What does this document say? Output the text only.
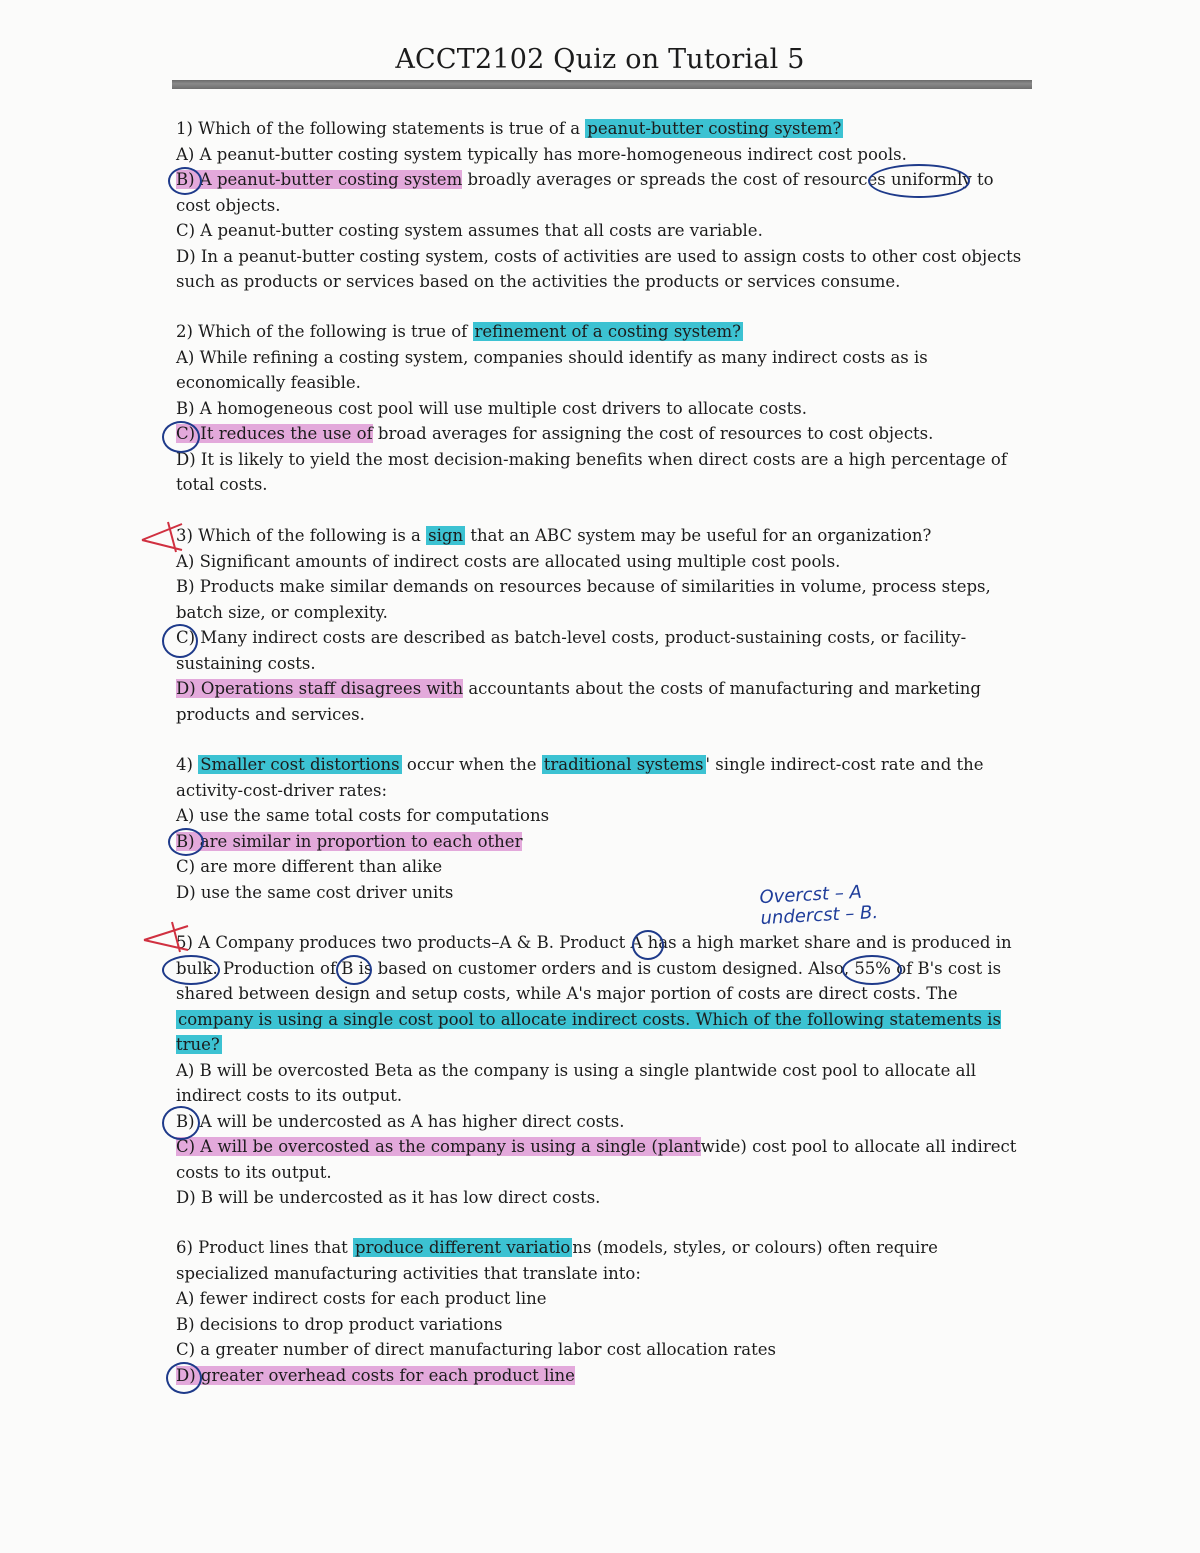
ACCT2102 Quiz on Tutorial 5

1) Which of the following statements is true of a peanut-butter costing system?

A) A peanut-butter costing system typically has more-homogeneous indirect cost pools.

B) A peanut-butter costing system broadly averages or spreads the cost of resources uniformly to cost objects.

C) A peanut-butter costing system assumes that all costs are variable.

D) In a peanut-butter costing system, costs of activities are used to assign costs to other cost objects such as products or services based on the activities the products or services consume.

2) Which of the following is true of refinement of a costing system?

A) While refining a costing system, companies should identify as many indirect costs as is economically feasible.

B) A homogeneous cost pool will use multiple cost drivers to allocate costs.

C) It reduces the use of broad averages for assigning the cost of resources to cost objects.

D) It is likely to yield the most decision-making benefits when direct costs are a high percentage of total costs.

3) Which of the following is a sign that an ABC system may be useful for an organization?

A) Significant amounts of indirect costs are allocated using multiple cost pools.

B) Products make similar demands on resources because of similarities in volume, process steps, batch size, or complexity.

C) Many indirect costs are described as batch-level costs, product-sustaining costs, or facility-sustaining costs.

D) Operations staff disagrees with accountants about the costs of manufacturing and marketing products and services.

4) Smaller cost distortions occur when the traditional systems ' single indirect-cost rate and the activity-cost-driver rates:

A) use the same total costs for computations

B) are similar in proportion to each other

C) are more different than alike

D) use the same cost driver units	Overcst – A
undercst – B.

5) A Company produces two products–A & B. Product A has a high market share and is produced in bulk. Production of B is based on customer orders and is custom designed. Also, 55% of B's cost is shared between design and setup costs, while A's major portion of costs are direct costs. The company is using a single cost pool to allocate indirect costs. Which of the following statements is true?

A) B will be overcosted Beta as the company is using a single plantwide cost pool to allocate all indirect costs to its output.

B) A will be undercosted as A has higher direct costs.

C) A will be overcosted as the company is using a single (plantwide) cost pool to allocate all indirect costs to its output.

D) B will be undercosted as it has low direct costs.

6) Product lines that produce different variatio ns (models, styles, or colours) often require specialized manufacturing activities that translate into:

A) fewer indirect costs for each product line

B) decisions to drop product variations

C) a greater number of direct manufacturing labor cost allocation rates

D) greater overhead costs for each product line
